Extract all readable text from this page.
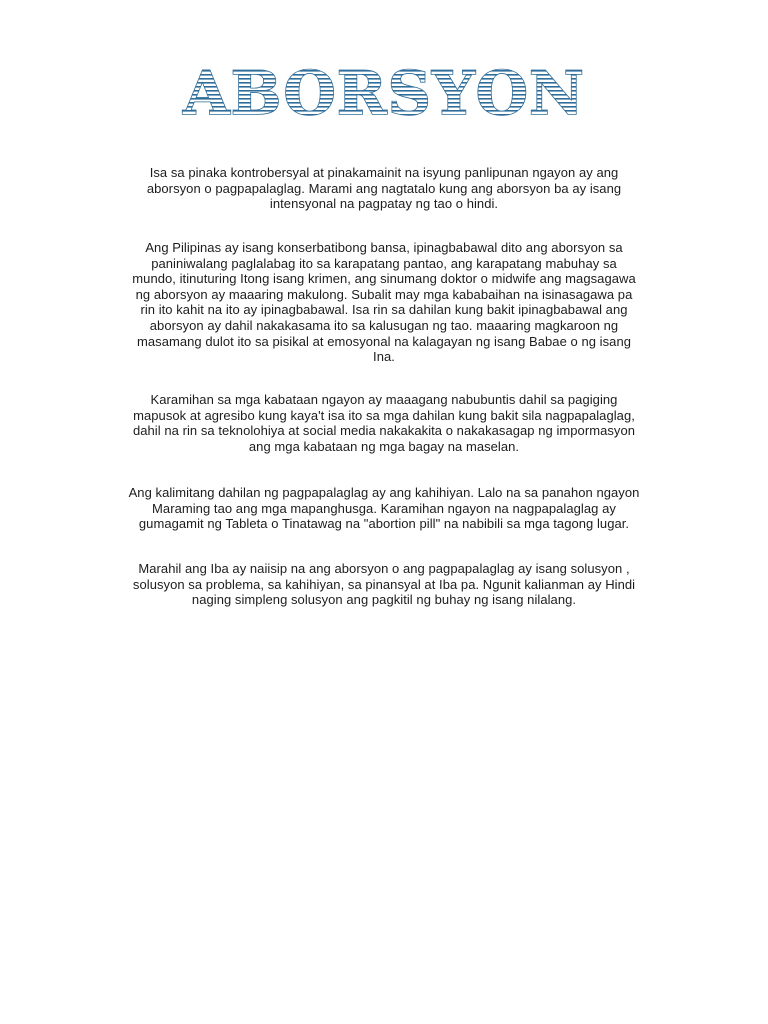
ABORSYON

Isa sa pinaka kontrobersyal at pinakamainit na isyung panlipunan ngayon ay ang
aborsyon o pagpapalaglag. Marami ang nagtatalo kung ang aborsyon ba ay isang
intensyonal na pagpatay ng tao o hindi.

Ang Pilipinas ay isang konserbatibong bansa, ipinagbabawal dito ang aborsyon sa
paniniwalang paglalabag ito sa karapatang pantao, ang karapatang mabuhay sa
mundo, itinuturing Itong isang krimen, ang sinumang doktor o midwife ang magsagawa
ng aborsyon ay maaaring makulong. Subalit may mga kababaihan na isinasagawa pa
rin ito kahit na ito ay ipinagbabawal. Isa rin sa dahilan kung bakit ipinagbabawal ang
aborsyon ay dahil nakakasama ito sa kalusugan ng tao. maaaring magkaroon ng
masamang dulot ito sa pisikal at emosyonal na kalagayan ng isang Babae o ng isang
Ina.

Karamihan sa mga kabataan ngayon ay maaagang nabubuntis dahil sa pagiging
mapusok at agresibo kung kaya't isa ito sa mga dahilan kung bakit sila nagpapalaglag,
dahil na rin sa teknolohiya at social media nakakakita o nakakasagap ng impormasyon
ang mga kabataan ng mga bagay na maselan.

Ang kalimitang dahilan ng pagpapalaglag ay ang kahihiyan. Lalo na sa panahon ngayon
Maraming tao ang mga mapanghusga. Karamihan ngayon na nagpapalaglag ay
gumagamit ng Tableta o Tinatawag na "abortion pill" na nabibili sa mga tagong lugar.

Marahil ang Iba ay naiisip na ang aborsyon o ang pagpapalaglag ay isang solusyon ,
solusyon sa problema, sa kahihiyan, sa pinansyal at Iba pa. Ngunit kalianman ay Hindi
naging simpleng solusyon ang pagkitil ng buhay ng isang nilalang.
